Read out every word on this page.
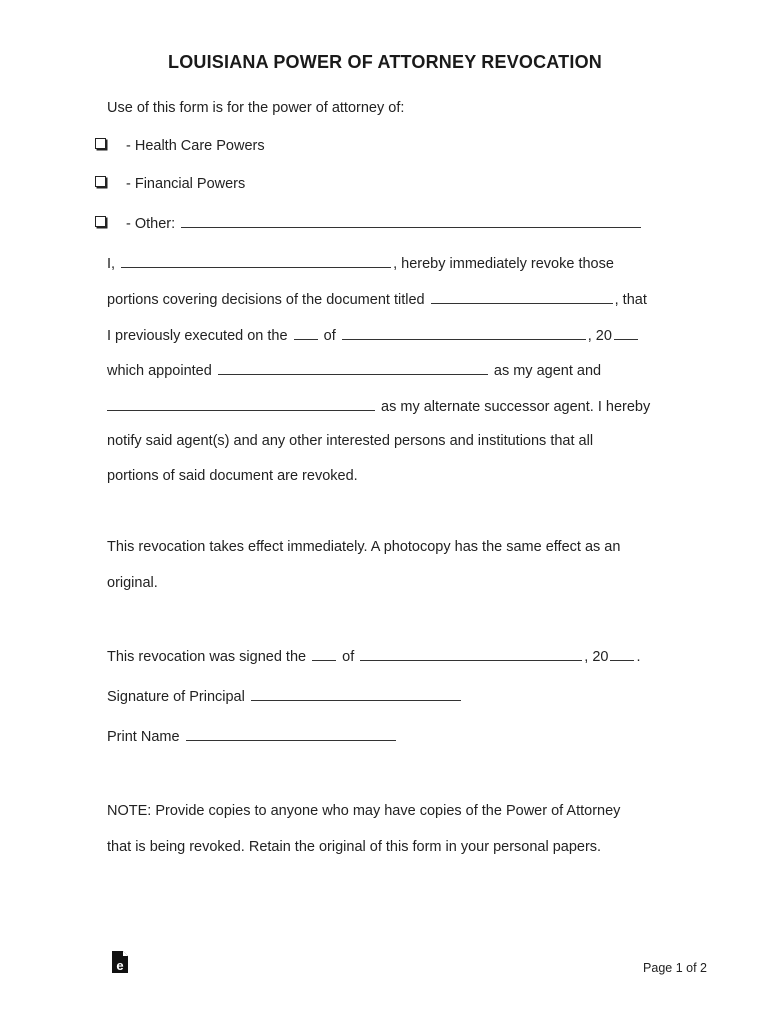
LOUISIANA POWER OF ATTORNEY REVOCATION
Use of this form is for the power of attorney of:
- Health Care Powers
- Financial Powers
- Other:
I,	, hereby immediately revoke those
portions covering decisions of the document titled	, that
I previously executed on the of	, 20
which appointed	as my agent and
as my alternate successor agent. I hereby
notify said agent(s) and any other interested persons and institutions that all
portions of said document are revoked.
This revocation takes effect immediately. A photocopy has the same effect as an
original.
This revocation was signed the of	, 20 .
Signature of Principal
Print Name
NOTE: Provide copies to anyone who may have copies of the Power of Attorney
that is being revoked. Retain the original of this form in your personal papers.
e	Page 1 of 2
